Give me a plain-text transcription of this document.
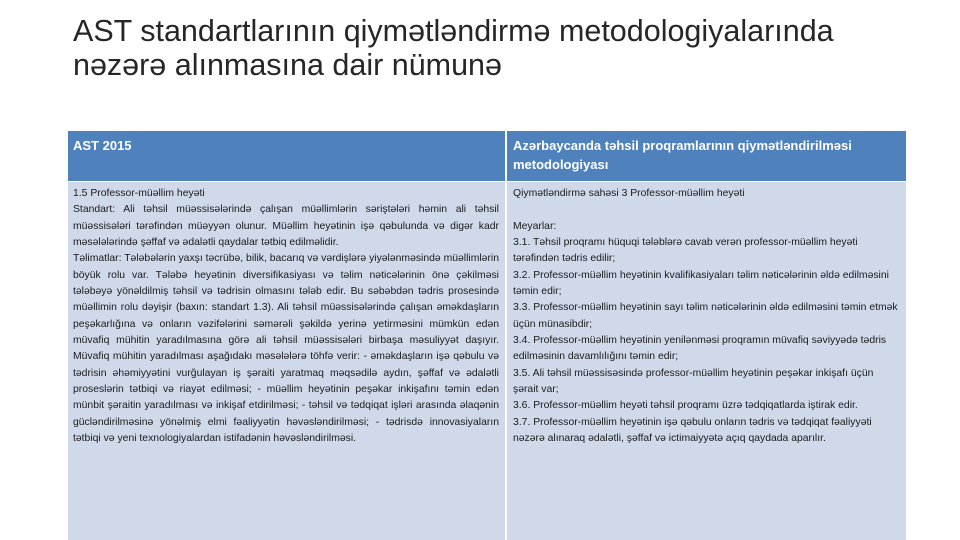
AST standartlarının qiymətləndirmə metodologiyalarında nəzərə alınmasına dair nümunə
AST 2015	Azərbaycanda təhsil proqramlarının qiymətləndirilməsi metodologiyası

1.5 Professor-müəllim heyəti

Standart: Ali təhsil müəssisələrində çalışan müəllimlərin səriştələri həmin ali təhsil müəssisələri tərəfindən müəyyən olunur. Müəllim heyətinin işə qəbulunda və digər kadr məsələlərində şəffaf və ədalətli qaydalar tətbiq edilməlidir.

Təlimatlar: Tələbələrin yaxşı təcrübə, bilik, bacarıq və vərdişlərə yiyələnməsində müəllimlərin böyük rolu var. Tələbə heyətinin diversifikasiyası və təlim nəticələrinin önə çəkilməsi tələbəyə yönəldilmiş təhsil və tədrisin olmasını tələb edir. Bu səbəbdən tədris prosesində müəllimin rolu dəyişir (baxın: standart 1.3). Ali təhsil müəssisələrində çalışan əməkdaşların peşəkarlığına və onların vəzifələrini səmərəli şəkildə yerinə yetirməsini mümkün edən müvafiq mühitin yaradılmasına görə ali təhsil müəssisələri birbaşa məsuliyyət daşıyır. Müvafiq mühitin yaradılması aşağıdakı məsələlərə töhfə verir: - əməkdaşların işə qəbulu və tədrisin əhəmiyyətini vurğulayan iş şəraiti yaratmaq məqsədilə aydın, şəffaf və ədalətli proseslərin tətbiqi və riayət edilməsi; - müəllim heyətinin peşəkar inkişafını təmin edən münbit şəraitin yaradılması və inkişaf etdirilməsi; - təhsil və tədqiqat işləri arasında əlaqənin gücləndirilməsinə yönəlmiş elmi fəaliyyətin həvəsləndirilməsi; - tədrisdə innovasiyaların tətbiqi və yeni texnologiyalardan istifadənin həvəsləndirilməsi.

Qiymətləndirmə sahəsi 3 Professor-müəllim heyəti

Meyarlar:

3.1. Təhsil proqramı hüquqi tələblərə cavab verən professor-müəllim heyəti tərəfindən tədris edilir;

3.2. Professor-müəllim heyətinin kvalifikasiyaları təlim nəticələrinin əldə edilməsini təmin edir;

3.3. Professor-müəllim heyətinin sayı təlim nəticələrinin əldə edilməsini təmin etmək üçün münasibdir;

3.4. Professor-müəllim heyətinin yenilənməsi proqramın müvafiq səviyyədə tədris edilməsinin davamlılığını təmin edir;

3.5. Ali təhsil müəssisəsində professor-müəllim heyətinin peşəkar inkişafı üçün şərait var;

3.6. Professor-müəllim heyəti təhsil proqramı üzrə tədqiqatlarda iştirak edir.

3.7. Professor-müəllim heyətinin işə qəbulu onların tədris və tədqiqat fəaliyyəti nəzərə alınaraq ədalətli, şəffaf və ictimaiyyətə açıq qaydada aparılır.
